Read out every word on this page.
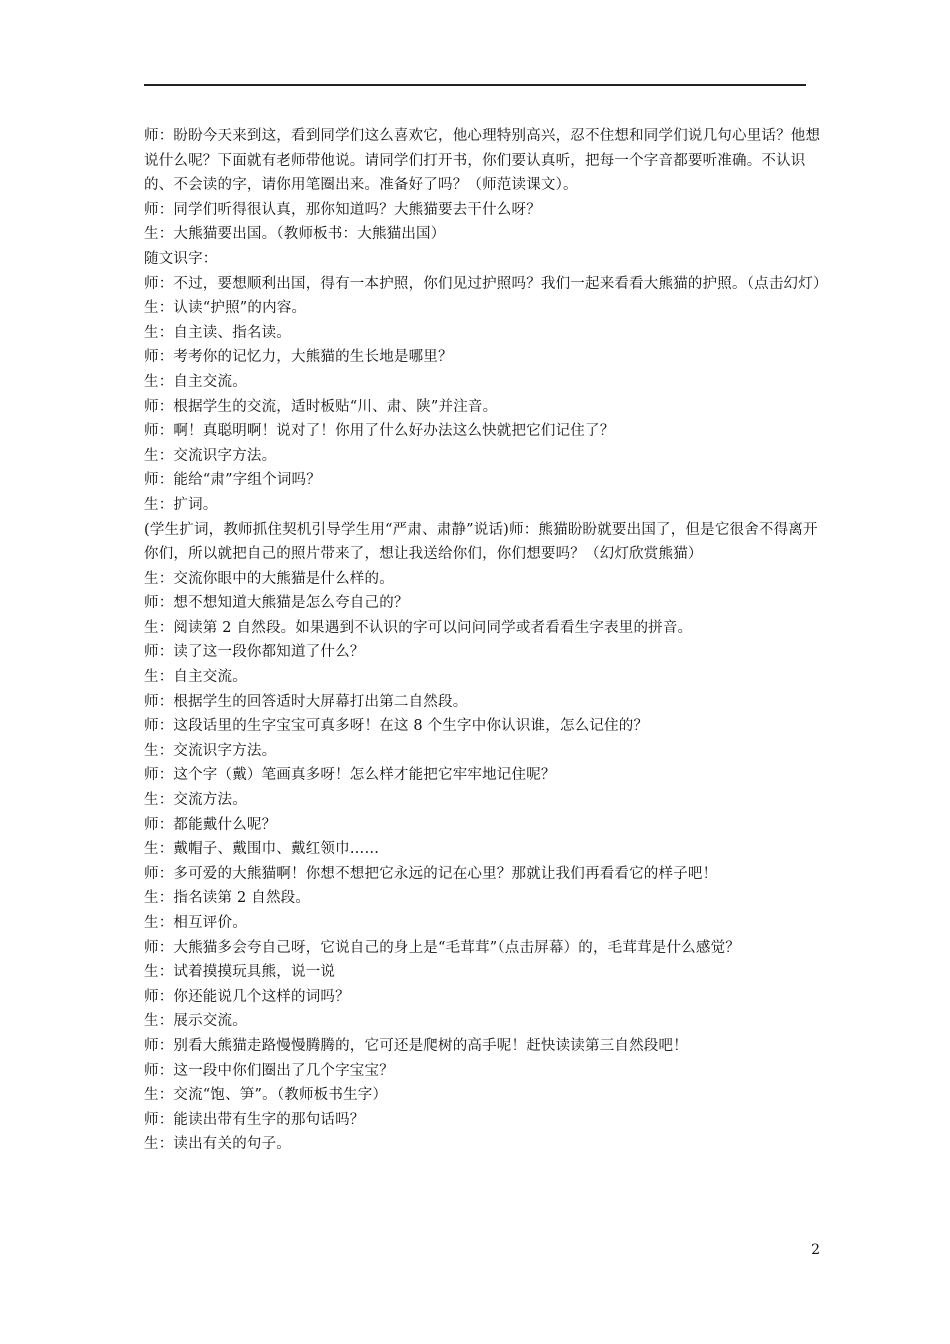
师：盼盼今天来到这，看到同学们这么喜欢它，他心理特别高兴，忍不住想和同学们说几句心里话？他想说什么呢？下面就有老师带他说。请同学们打开书，你们要认真听，把每一个字音都要听准确。不认识的、不会读的字，请你用笔圈出来。准备好了吗？（师范读课文）。

师：同学们听得很认真，那你知道吗？大熊猫要去干什么呀？

生：大熊猫要出国。（教师板书：大熊猫出国）

随文识字：

师：不过，要想顺利出国，得有一本护照，你们见过护照吗？我们一起来看看大熊猫的护照。（点击幻灯）

生：认读“护照”的内容。

生：自主读、指名读。

师：考考你的记忆力，大熊猫的生长地是哪里？

生：自主交流。

师：根据学生的交流，适时板贴“川、肃、陕”并注音。

师：啊！真聪明啊！说对了！你用了什么好办法这么快就把它们记住了？

生：交流识字方法。

师：能给“肃”字组个词吗？

生：扩词。

(学生扩词，教师抓住契机引导学生用“严肃、肃静”说话)师：熊猫盼盼就要出国了，但是它很舍不得离开你们，所以就把自己的照片带来了，想让我送给你们，你们想要吗？（幻灯欣赏熊猫）

生：交流你眼中的大熊猫是什么样的。

师：想不想知道大熊猫是怎么夸自己的？

生：阅读第 2 自然段。如果遇到不认识的字可以问问同学或者看看生字表里的拼音。

师：读了这一段你都知道了什么？

生：自主交流。

师：根据学生的回答适时大屏幕打出第二自然段。

师：这段话里的生字宝宝可真多呀！在这 8 个生字中你认识谁，怎么记住的？

生：交流识字方法。

师：这个字（戴）笔画真多呀！怎么样才能把它牢牢地记住呢？

生：交流方法。

师：都能戴什么呢？

生：戴帽子、戴围巾、戴红领巾……

师：多可爱的大熊猫啊！你想不想把它永远的记在心里？那就让我们再看看它的样子吧！

生：指名读第 2 自然段。

生：相互评价。

师：大熊猫多会夸自己呀，它说自己的身上是“毛茸茸”（点击屏幕）的，毛茸茸是什么感觉？

生：试着摸摸玩具熊，说一说

师：你还能说几个这样的词吗？

生：展示交流。

师：别看大熊猫走路慢慢腾腾的，它可还是爬树的高手呢！赶快读读第三自然段吧！

师：这一段中你们圈出了几个字宝宝？

生：交流“饱、笋”。（教师板书生字）

师：能读出带有生字的那句话吗？

生：读出有关的句子。

2
